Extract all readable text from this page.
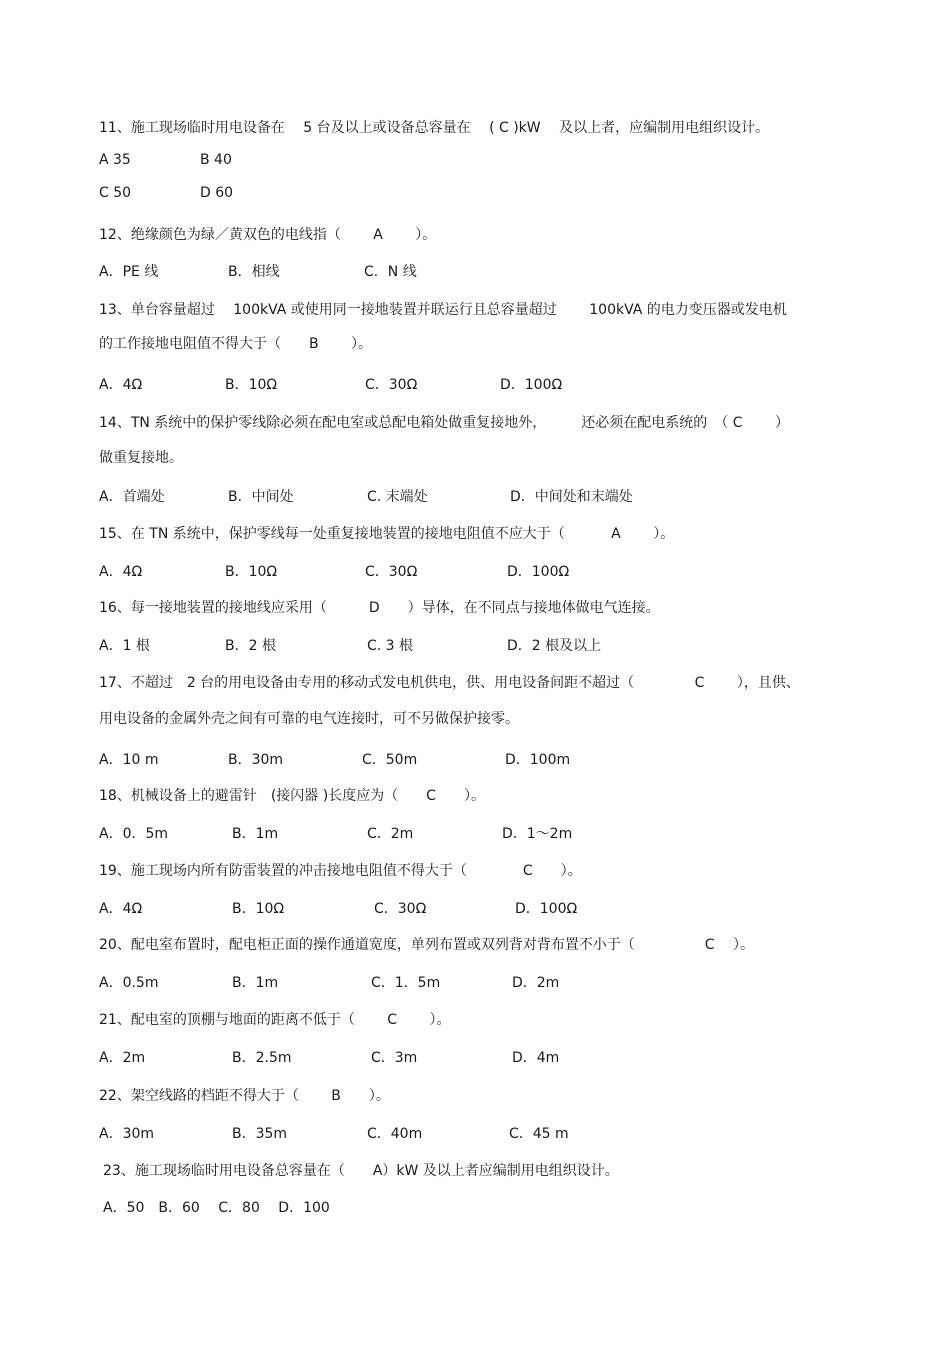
11、施工现场临时用电设备在　 5 台及以上或设备总容量在　 ( C )kW　 及以上者，应编制用电组织设计。
A 35	B 40
C 50	D 60
12、绝缘颜色为绿／黄双色的电线指（　　 A　　 ）。
A．PE 线	B．相线	C．N 线
13、单台容量超过　 100kVA 或使用同一接地装置并联运行且总容量超过　　 100kVA 的电力变压器或发电机
的工作接地电阻值不得大于（　　B　　 ）。
A．4Ω	B．10Ω	C．30Ω	D．100Ω
14、TN 系统中的保护零线除必须在配电室或总配电箱处做重复接地外，　　　还必须在配电系统的　（ C　　 ）
做重复接地。
A．首端处	B．中间处	C. 末端处	D．中间处和末端处
15、在 TN 系统中，保护零线每一处重复接地装置的接地电阻值不应大于（　　　 A　　 ）。
A．4Ω	B．10Ω	C．30Ω	D．100Ω
16、每一接地装置的接地线应采用（　　　D　　）导体，在不同点与接地体做电气连接。
A．1 根	B．2 根	C. 3 根	D．2 根及以上
17、不超过　2 台的用电设备由专用的移动式发电机供电，供、用电设备间距不超过（　　　　 C　　 ），且供、
用电设备的金属外壳之间有可靠的电气连接时，可不另做保护接零。
A．10 m	B．30m	C．50m	D．100m
18、机械设备上的避雷针　(接闪器 )长度应为（　　C　　）。
A．0．5m	B．1m	C．2m	D．1～2m
19、施工现场内所有防雷装置的冲击接地电阻值不得大于（　　　　C　　）。
A．4Ω	B．10Ω	C．30Ω	D．100Ω
20、配电室布置时，配电柜正面的操作通道宽度，单列布置或双列背对背布置不小于（　　　　　C　 ）。
A．0.5m	B．1m	C．1．5m	D．2m
21、配电室的顶棚与地面的距离不低于（　　 C　　 ）。
A．2m	B．2.5m	C．3m	D．4m
22、架空线路的档距不得大于（　　 B　　）。
A．30m	B．35m	C．40m	C．45 m
23、施工现场临时用电设备总容量在（　　A）kW 及以上者应编制用电组织设计。
A．50　B．60　 C．80　 D．100
